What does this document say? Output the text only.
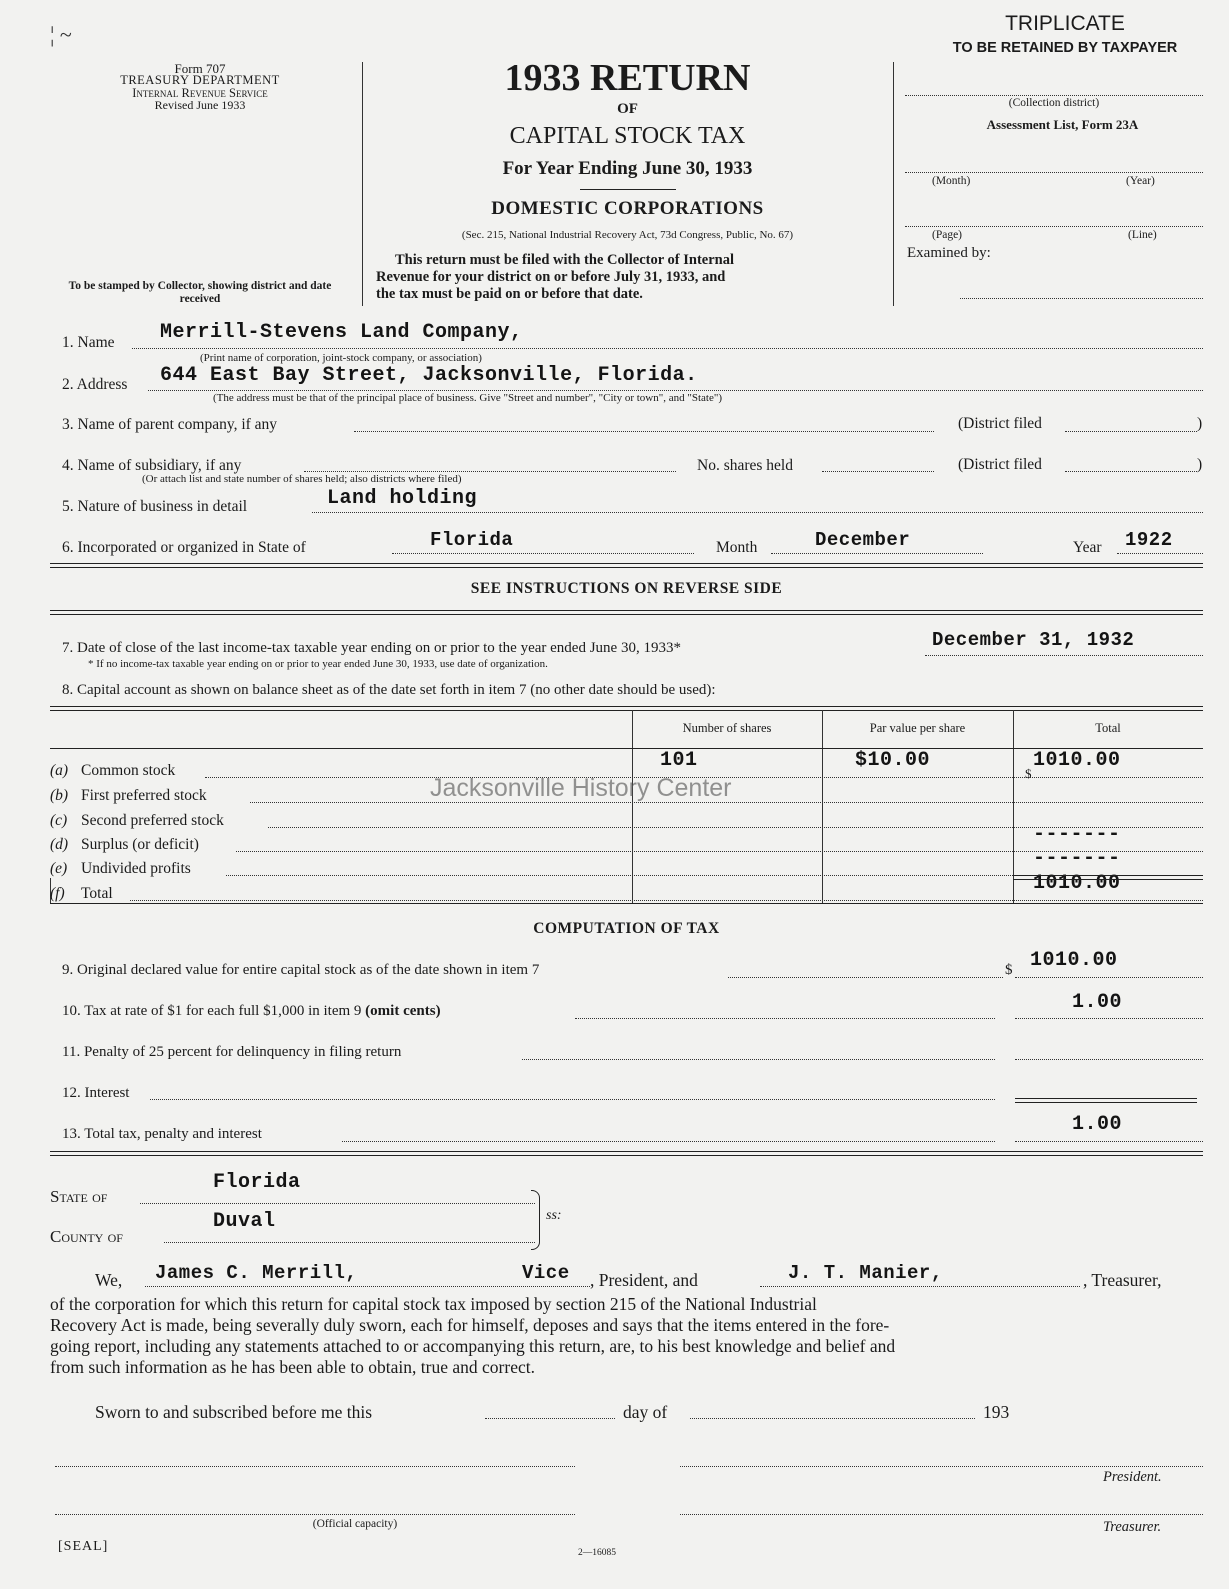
¦ ~	TRIPLICATE
TO BE RETAINED BY TAXPAYER
Form 707
TREASURY DEPARTMENT
Internal Revenue Service
Revised June 1933
To be stamped by Collector, showing district and date received
1933 RETURN
OF
CAPITAL STOCK TAX
For Year Ending June 30, 1933
DOMESTIC CORPORATIONS
(Sec. 215, National Industrial Recovery Act, 73d Congress, Public, No. 67)
This return must be filed with the Collector of Internal
Revenue for your district on or before July 31, 1933, and
the tax must be paid on or before that date.
(Collection district)
Assessment List, Form 23A
(Month)	(Year)
(Page)	(Line)
Examined by:
1. Name Merrill-Stevens Land Company,
(Print name of corporation, joint-stock company, or association)
2. Address 644 East Bay Street, Jacksonville, Florida.
(The address must be that of the principal place of business. Give "Street and number", "City or town", and "State")
3. Name of parent company, if any	(District filed	)
4. Name of subsidiary, if any
(Or attach list and state number of shares held; also districts where filed)
No. shares held	(District filed	)
5. Nature of business in detail	Land holding
6. Incorporated or organized in State of	Florida	Month	December	Year 1922
SEE INSTRUCTIONS ON REVERSE SIDE
7. Date of close of the last income-tax taxable year ending on or prior to the year ended June 30, 1933*	December 31, 1932
* If no income-tax taxable year ending on or prior to year ended June 30, 1933, use date of organization.
8. Capital account as shown on balance sheet as of the date set forth in item 7 (no other date should be used):
Number of shares	Par value per share	Total
(a) Common stock	101	$10.00	1010.00
(b) First preferred stock
(c) Second preferred stock
(d) Surplus (or deficit)	-------
(e) Undivided profits	-------
(f) Total	1010.00
$
Jacksonville History Center
COMPUTATION OF TAX
9. Original declared value for entire capital stock as of the date shown in item 7	$ 1010.00
10. Tax at rate of $1 for each full $1,000 in item 9 (omit cents)	1.00
11. Penalty of 25 percent for delinquency in filing return
12. Interest
13. Total tax, penalty and interest	1.00
State of
Florida
County of
Duval	ss:
We, James C. Merrill,	Vice , President, and	J. T. Manier,	, Treasurer,
of the corporation for which this return for capital stock tax imposed by section 215 of the National Industrial
Recovery Act is made, being severally duly sworn, each for himself, deposes and says that the items entered in the fore-
going report, including any statements attached to or accompanying this return, are, to his best knowledge and belief and
from such information as he has been able to obtain, true and correct.
Sworn to and subscribed before me this	day of	193
President.
(Official capacity)	Treasurer.
[SEAL]	2—16085
